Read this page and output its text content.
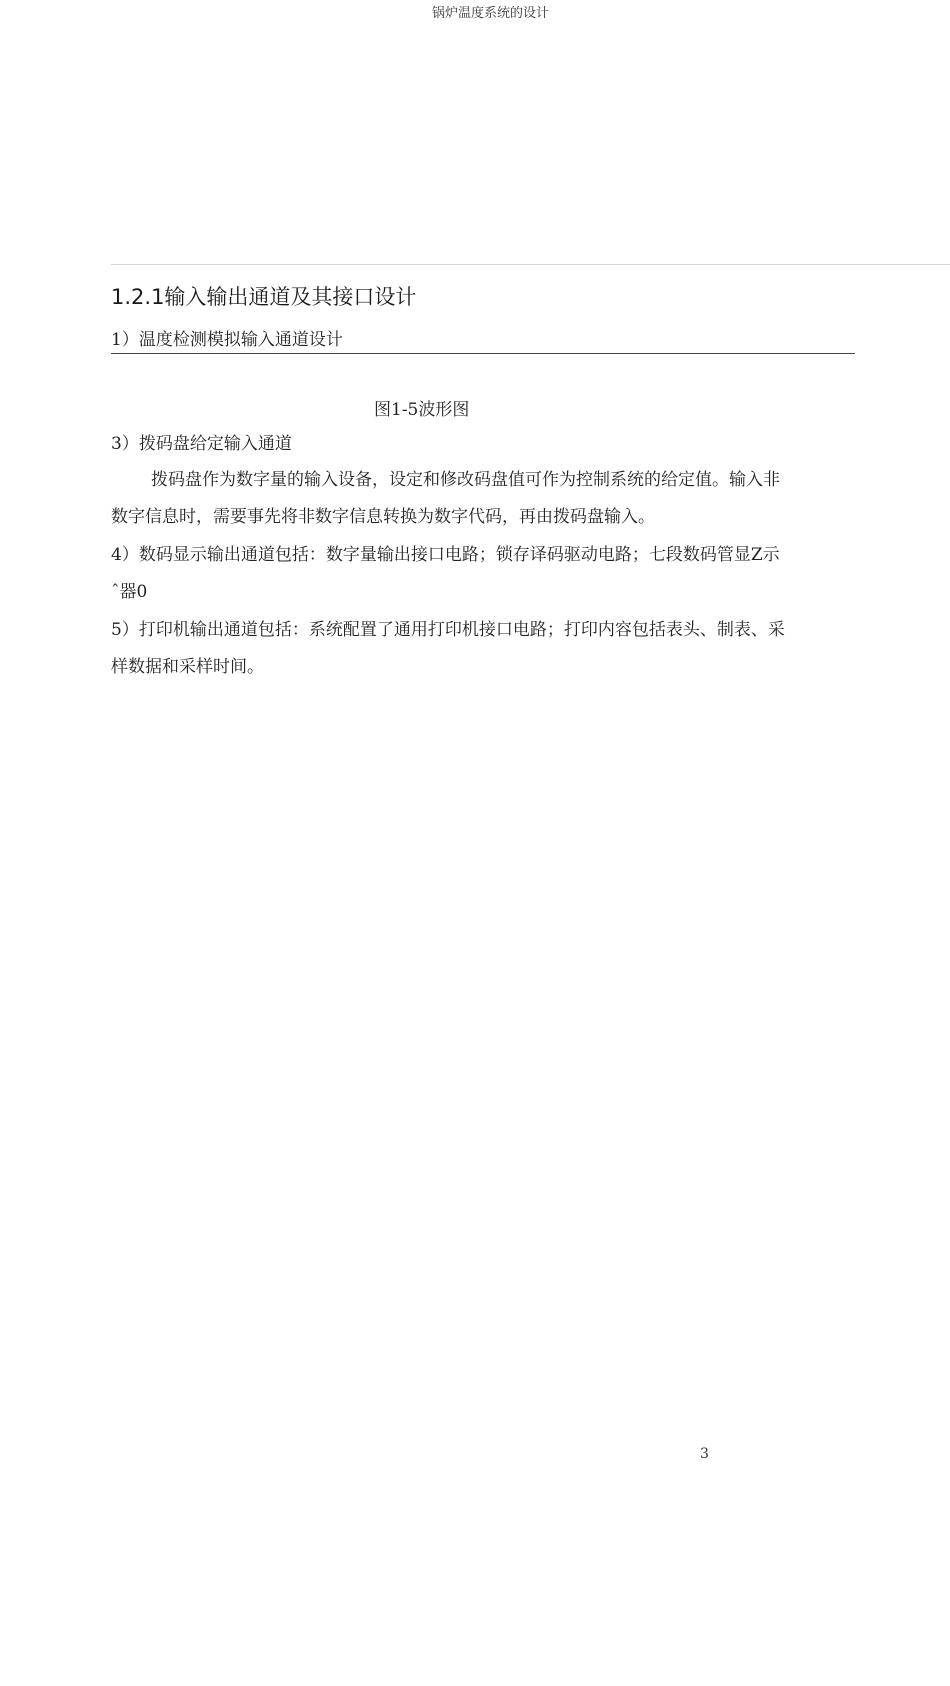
锅炉温度系统的设计
1.2.1输入输出通道及其接口设计
1）温度检测模拟输入通道设计
图1-5波形图
3）拨码盘给定输入通道
拨码盘作为数字量的输入设备，设定和修改码盘值可作为控制系统的给定值。输入非
数字信息时，需要事先将非数字信息转换为数字代码，再由拨码盘输入。
4）数码显示输出通道包括：数字量输出接口电路；锁存译码驱动电路；七段数码管显Z示
ˆ器0
5）打印机输出通道包括：系统配置了通用打印机接口电路；打印内容包括表头、制表、采
样数据和采样时间。
3
